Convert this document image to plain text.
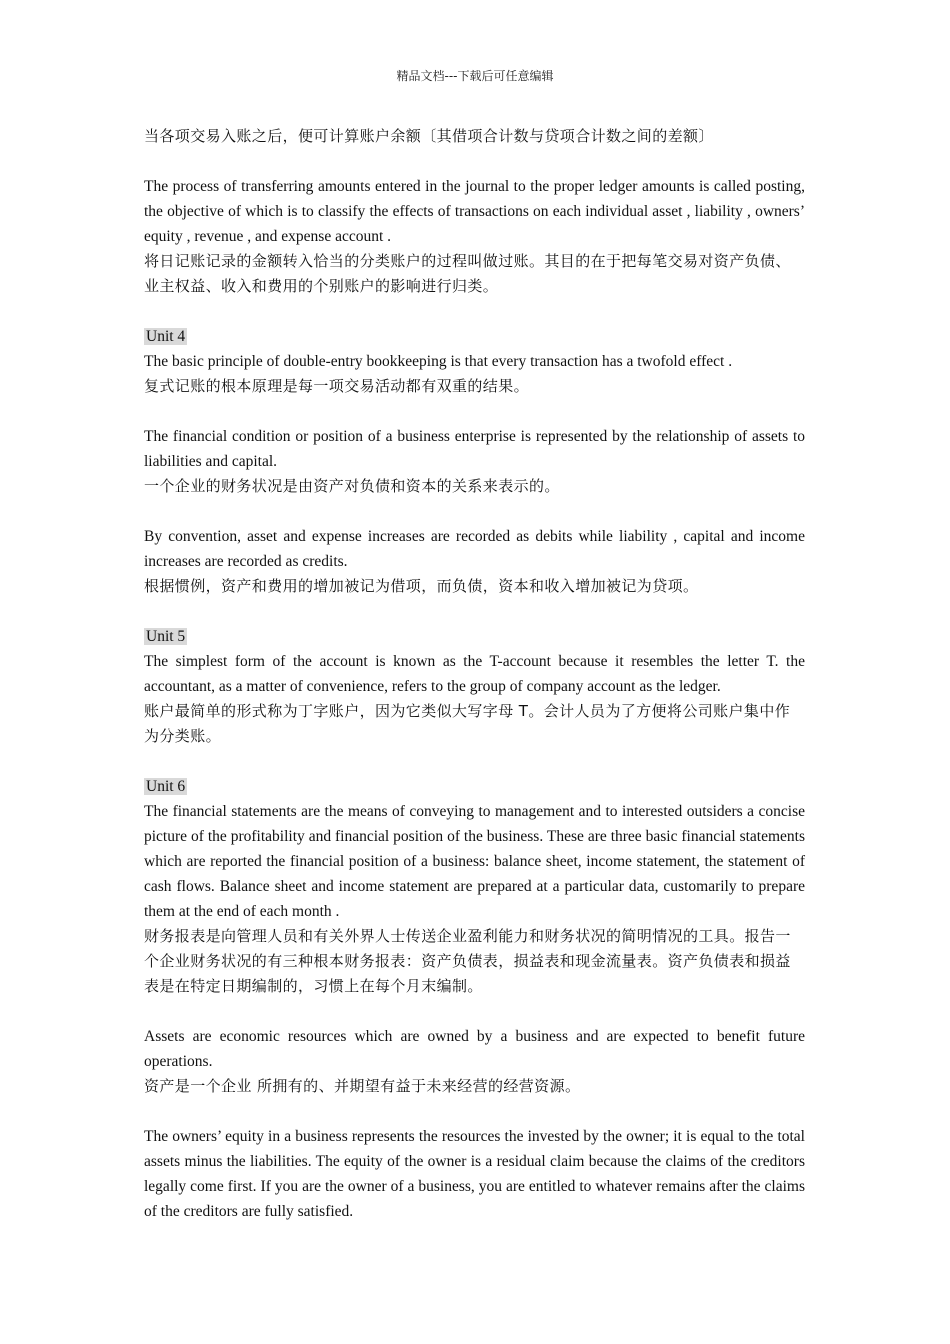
精品文档---下载后可任意编辑

当各项交易入账之后，便可计算账户余额〔其借项合计数与贷项合计数之间的差额〕

The process of transferring amounts entered in the journal to the proper ledger amounts is called posting, the objective of which is to classify the effects of transactions on each individual asset , liability , owners’ equity , revenue , and expense account .

将日记账记录的金额转入恰当的分类账户的过程叫做过账。其目的在于把每笔交易对资产负债、业主权益、收入和费用的个别账户的影响进行归类。

Unit 4

The basic principle of double-entry bookkeeping is that every transaction has a twofold effect .

复式记账的根本原理是每一项交易活动都有双重的结果。

The financial condition or position of a business enterprise is represented by the relationship of assets to liabilities and capital.

一个企业的财务状况是由资产对负债和资本的关系来表示的。

By convention, asset and expense increases are recorded as debits while liability , capital and income increases are recorded as credits.

根据惯例，资产和费用的增加被记为借项，而负债，资本和收入增加被记为贷项。

Unit 5

The simplest form of the account is known as the T-account because it resembles the letter T. the accountant, as a matter of convenience, refers to the group of company account as the ledger.

账户最简单的形式称为丁字账户，因为它类似大写字母 T。会计人员为了方便将公司账户集中作为分类账。

Unit 6

The financial statements are the means of conveying to management and to interested outsiders a concise picture of the profitability and financial position of the business. These are three basic financial statements which are reported the financial position of a business: balance sheet, income statement, the statement of cash flows. Balance sheet and income statement are prepared at a particular data, customarily to prepare them at the end of each month .

财务报表是向管理人员和有关外界人士传送企业盈利能力和财务状况的简明情况的工具。报告一个企业财务状况的有三种根本财务报表：资产负债表，损益表和现金流量表。资产负债表和损益表是在特定日期编制的，习惯上在每个月末编制。

Assets are economic resources which are owned by a business and are expected to benefit future operations.

资产是一个企业 所拥有的、并期望有益于未来经营的经营资源。

The owners’ equity in a business represents the resources the invested by the owner; it is equal to the total assets minus the liabilities. The equity of the owner is a residual claim because the claims of the creditors legally come first. If you are the owner of a business, you are entitled to whatever remains after the claims of the creditors are fully satisfied.
